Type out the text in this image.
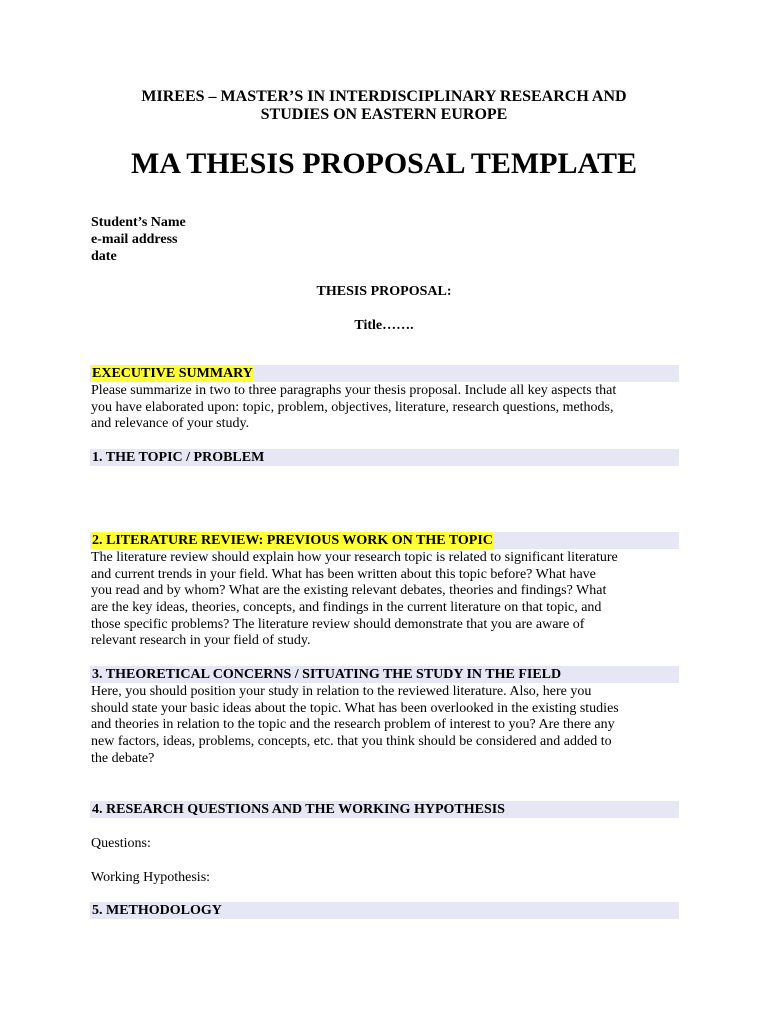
MIREES – MASTER’S IN INTERDISCIPLINARY RESEARCH AND
STUDIES ON EASTERN EUROPE
MA THESIS PROPOSAL TEMPLATE
Student’s Name
e-mail address
date
THESIS PROPOSAL:
Title…….
EXECUTIVE SUMMARY
Please summarize in two to three paragraphs your thesis proposal. Include all key aspects that
you have elaborated upon: topic, problem, objectives, literature, research questions, methods,
and relevance of your study.
1. THE TOPIC / PROBLEM
2. LITERATURE REVIEW: PREVIOUS WORK ON THE TOPIC
The literature review should explain how your research topic is related to significant literature
and current trends in your field. What has been written about this topic before? What have
you read and by whom? What are the existing relevant debates, theories and findings? What
are the key ideas, theories, concepts, and findings in the current literature on that topic, and
those specific problems? The literature review should demonstrate that you are aware of
relevant research in your field of study.
3. THEORETICAL CONCERNS / SITUATING THE STUDY IN THE FIELD
Here, you should position your study in relation to the reviewed literature. Also, here you
should state your basic ideas about the topic. What has been overlooked in the existing studies
and theories in relation to the topic and the research problem of interest to you? Are there any
new factors, ideas, problems, concepts, etc. that you think should be considered and added to
the debate?
4. RESEARCH QUESTIONS AND THE WORKING HYPOTHESIS
Questions:
Working Hypothesis:
5. METHODOLOGY
